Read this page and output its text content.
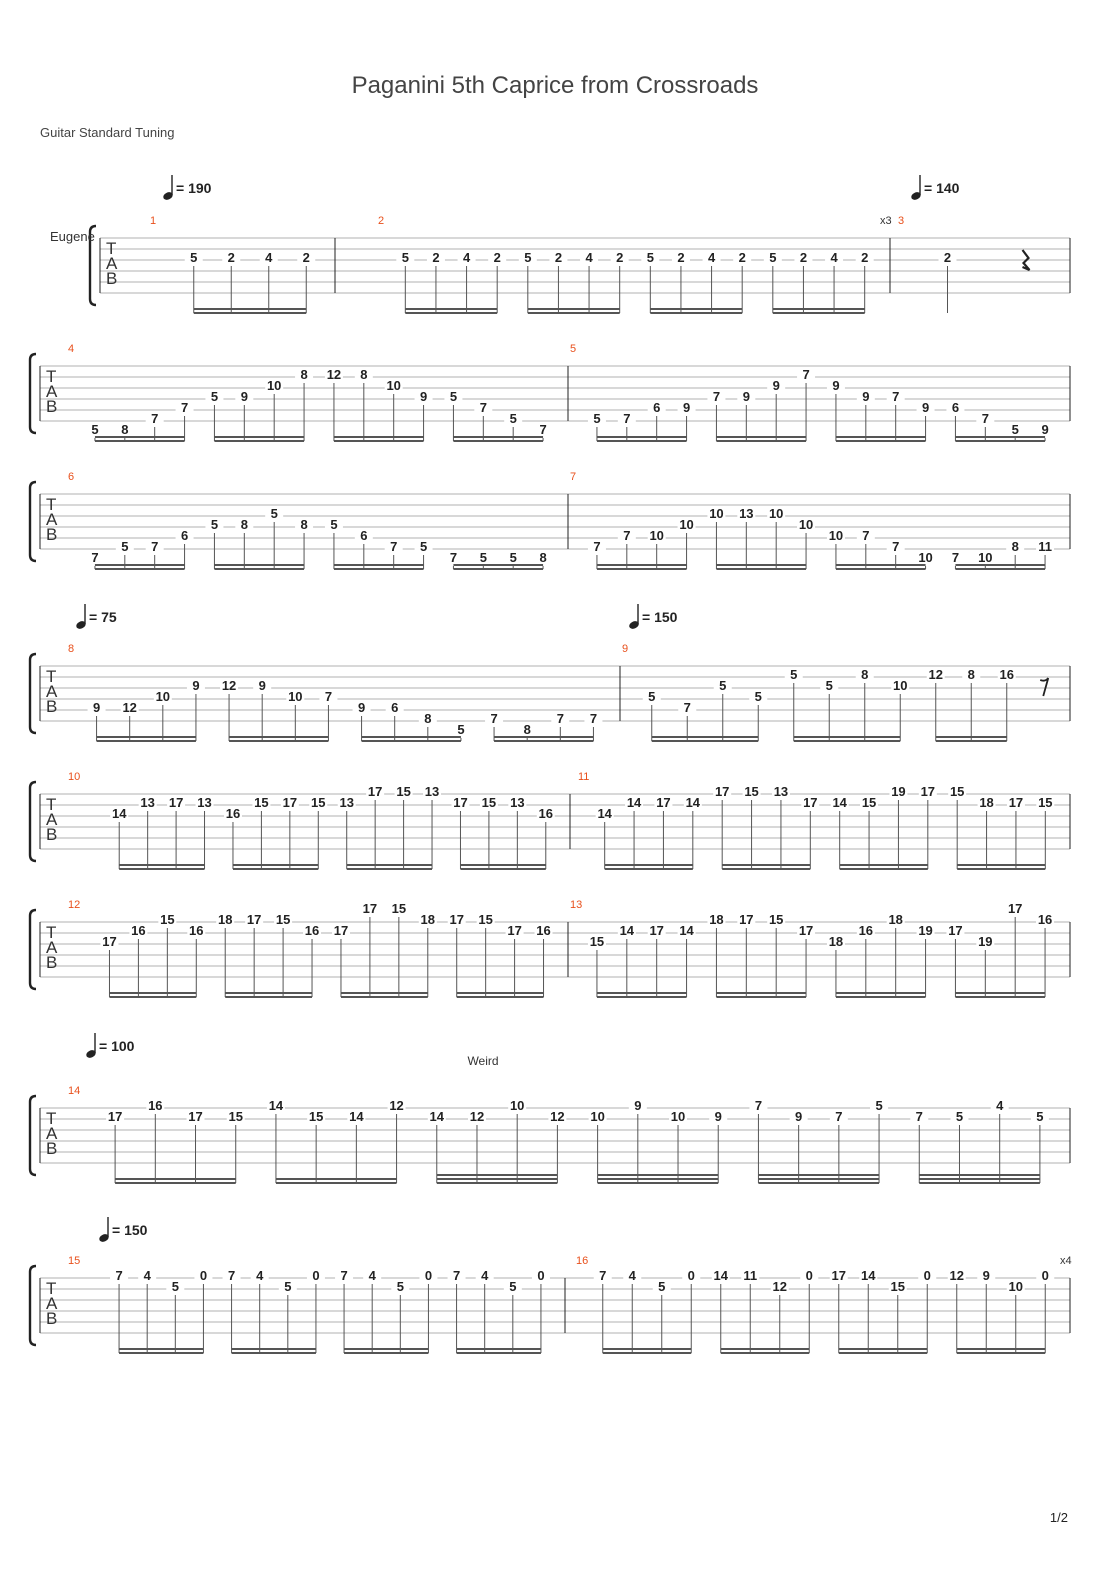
Paganini 5th Caprice from Crossroads
Guitar Standard Tuning
1/2
T
A
B
Eugene
= 190	= 140
1
5 2 4 2
2
5 2 4 2 5 2 4 2 5 2 4 2 5 2 4 2
3
2
x3
T
A
B
4
5 8
7
7
5 9
10
8 12 8
10
9 5
7
5
7
5
5 7
6 9
7 9
9
7
9
9 7
9 6
7
5 9
T
A
B
6
7
5 7
6
5 8
5
8 5
6
7 5
7 5 5 8
7
7
7 10
10
10 13 10
10
10 7
7
10 7 10
8 11
T
A
B
= 75	= 150
8
9 12
10
9 12 9
10 7
9 6
8
5
7
8
7 7
9
5
7
5
5
5
5
8
10
12 8 16
T
A
B
10
14
13 17 13
16
15 17 15 13
17 15 13
17 15 13
16
11
14
14 17 14
17 15 13
17 14 15
19 17 15
18 17 15
T
A
B
12
17
16
15
16
18 17 15
16 17
17 15
18 17 15
17 16
13
15
14 17 14
18 17 15
17
18
16
18
19 17
19
17
16
T
A
B
= 100
Weird
14
17
16
17 15
14
15 14
12
14 12
10
12 10
9
10 9
7
9	7
5
7	5
4
5
T
A
B
= 150
15
7 4
5
0 7 4
5
0 7 4
5
0 7 4
5
0
16
7 4
5
0 14 11
12
0 17 14
15
0 12 9
10
0
x4
